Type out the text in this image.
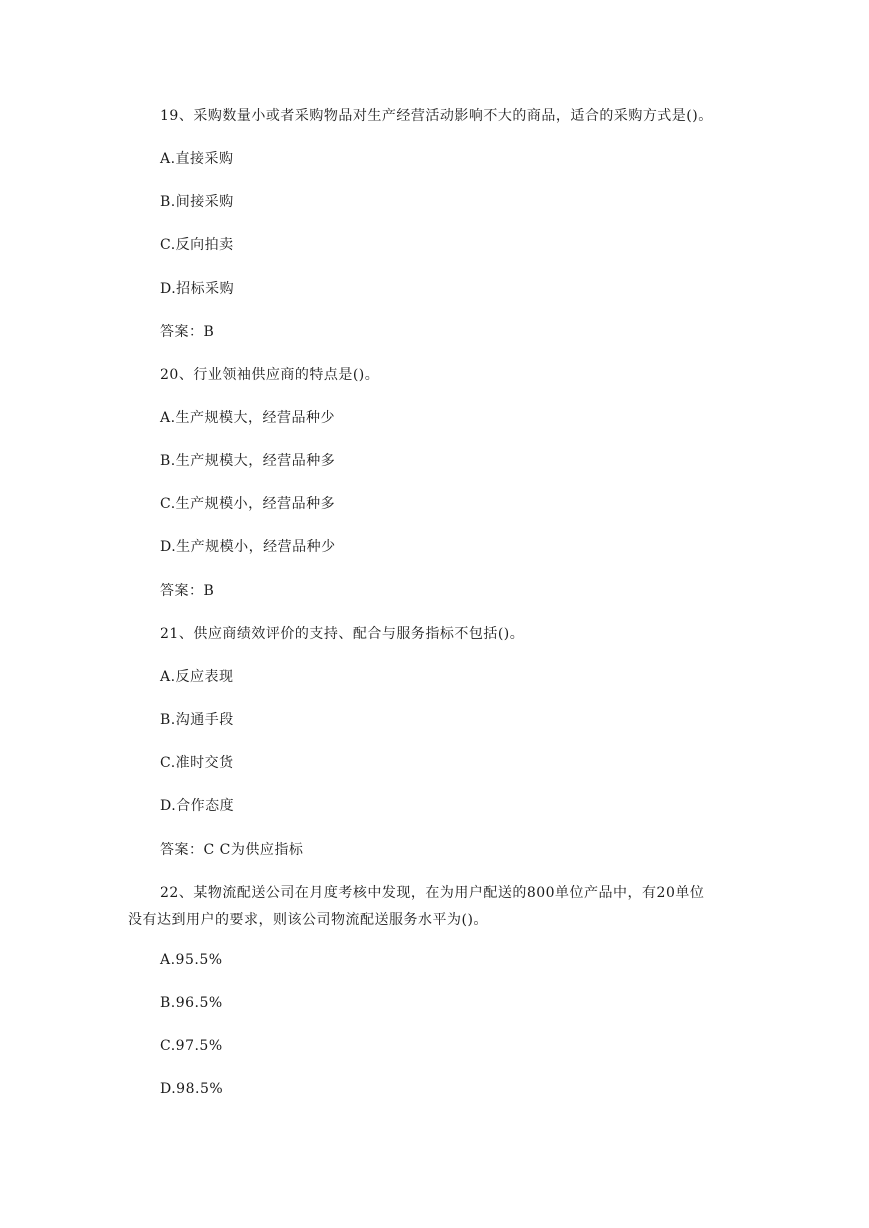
19、采购数量小或者采购物品对生产经营活动影响不大的商品，适合的采购方式是()。
A.直接采购
B.间接采购
C.反向拍卖
D.招标采购
答案：B
20、行业领袖供应商的特点是()。
A.生产规模大，经营品种少
B.生产规模大，经营品种多
C.生产规模小，经营品种多
D.生产规模小，经营品种少
答案：B
21、供应商绩效评价的支持、配合与服务指标不包括()。
A.反应表现
B.沟通手段
C.准时交货
D.合作态度
答案：C C为供应指标
22、某物流配送公司在月度考核中发现，在为用户配送的800单位产品中，有20单位
没有达到用户的要求，则该公司物流配送服务水平为()。
A.95.5%
B.96.5%
C.97.5%
D.98.5%
